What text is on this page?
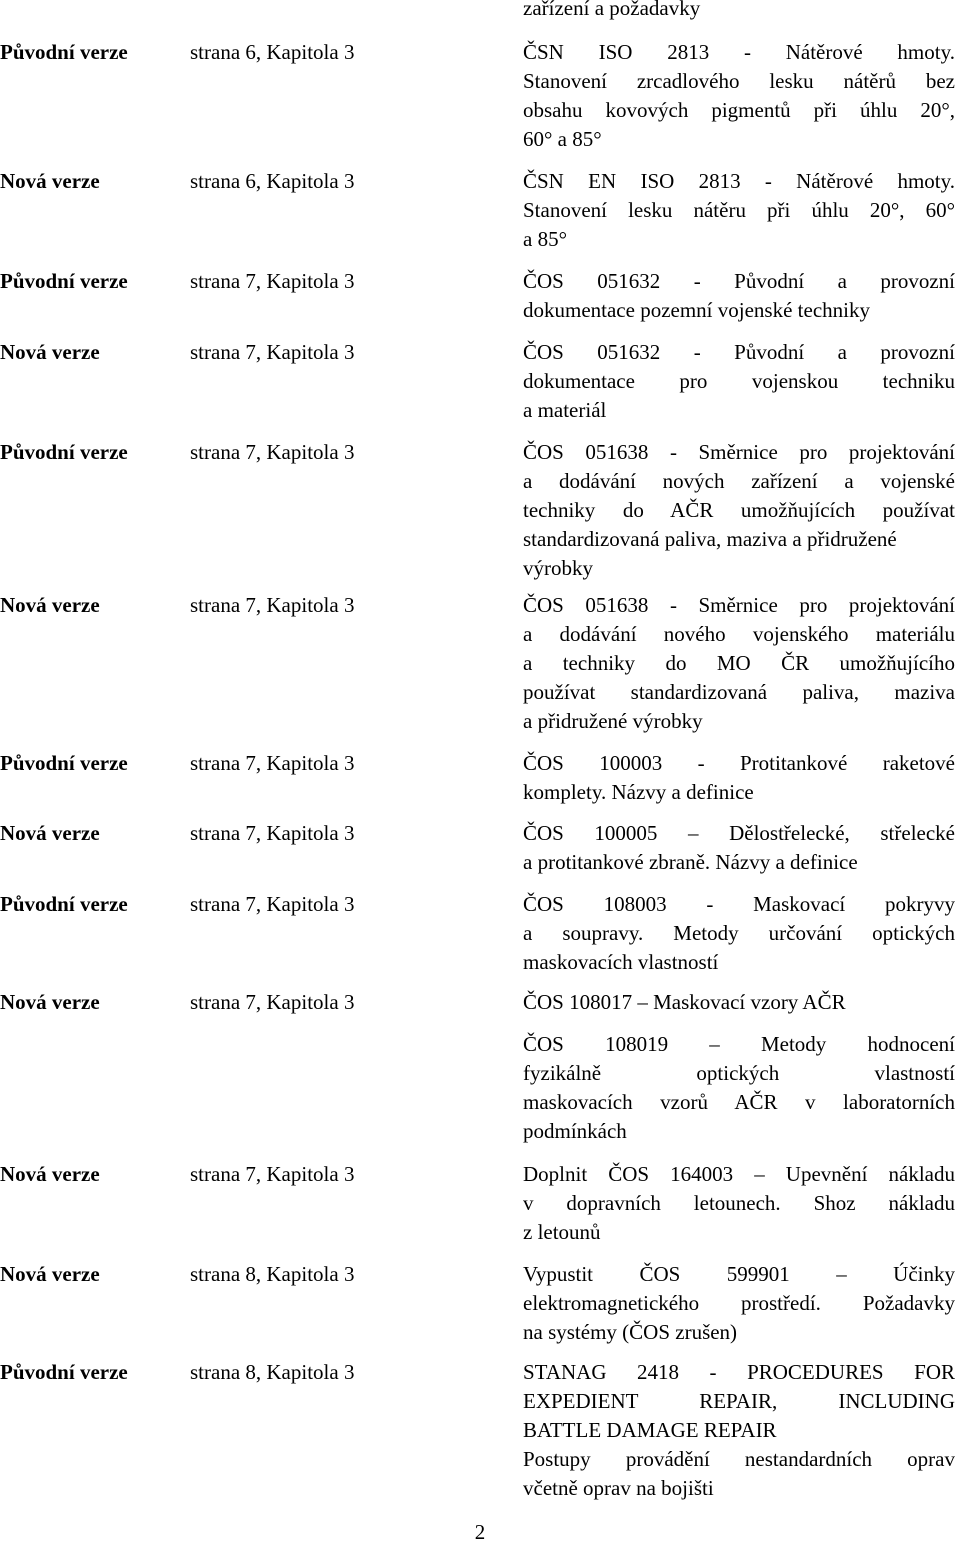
zařízení a požadavky
Původní verze	strana 6, Kapitola 3	ČSN ISO 2813 - Nátěrové hmoty.
Stanovení zrcadlového lesku nátěrů bez
obsahu kovových pigmentů při úhlu 20°,
60° a 85°
Nová verze	strana 6, Kapitola 3	ČSN EN ISO 2813 - Nátěrové hmoty.
Stanovení lesku nátěru při úhlu 20°, 60°
a 85°
Původní verze	strana 7, Kapitola 3	ČOS 051632 - Původní a provozní
dokumentace pozemní vojenské techniky
Nová verze	strana 7, Kapitola 3	ČOS 051632 - Původní a provozní
dokumentace pro vojenskou techniku
a materiál
Původní verze	strana 7, Kapitola 3	ČOS 051638 - Směrnice pro projektování
a dodávání nových zařízení a vojenské
techniky do AČR umožňujících používat
standardizovaná paliva, maziva a přidružené
výrobky
Nová verze	strana 7, Kapitola 3	ČOS 051638 - Směrnice pro projektování
a dodávání nového vojenského materiálu
a techniky do MO ČR umožňujícího
používat standardizovaná paliva, maziva
a přidružené výrobky
Původní verze	strana 7, Kapitola 3	ČOS 100003 - Protitankové raketové
komplety. Názvy a definice
Nová verze	strana 7, Kapitola 3	ČOS 100005 – Dělostřelecké, střelecké
a protitankové zbraně. Názvy a definice
Původní verze	strana 7, Kapitola 3	ČOS 108003 - Maskovací pokryvy
a soupravy. Metody určování optických
maskovacích vlastností
Nová verze	strana 7, Kapitola 3	ČOS 108017 – Maskovací vzory AČR
ČOS 108019 – Metody hodnocení
fyzikálně optických vlastností
maskovacích vzorů AČR v laboratorních
podmínkách
Nová verze	strana 7, Kapitola 3	Doplnit ČOS 164003 – Upevnění nákladu
v dopravních letounech. Shoz nákladu
z letounů
Nová verze	strana 8, Kapitola 3	Vypustit ČOS 599901 – Účinky
elektromagnetického prostředí. Požadavky
na systémy (ČOS zrušen)
Původní verze	strana 8, Kapitola 3	STANAG 2418 - PROCEDURES FOR
EXPEDIENT REPAIR, INCLUDING
BATTLE DAMAGE REPAIR
Postupy provádění nestandardních oprav
včetně oprav na bojišti
2
